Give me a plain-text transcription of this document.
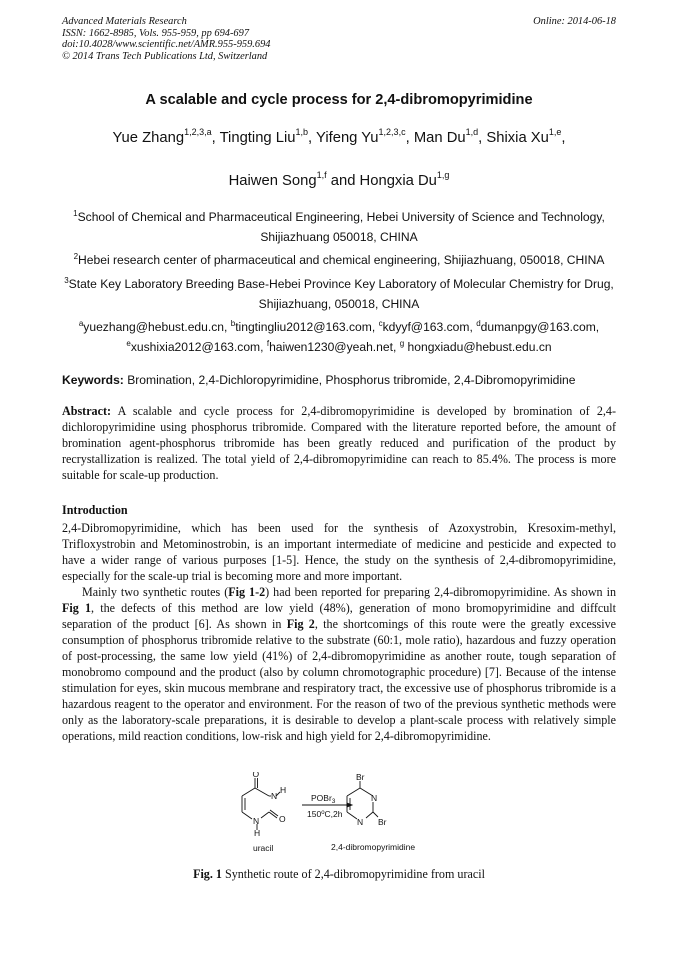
Advanced Materials Research
ISSN: 1662-8985, Vols. 955-959, pp 694-697
doi:10.4028/www.scientific.net/AMR.955-959.694
© 2014 Trans Tech Publications Ltd, Switzerland
Online: 2014-06-18
A scalable and cycle process for 2,4-dibromopyrimidine
Yue Zhang$^{1,2,3,a}$, Tingting Liu$^{1,b}$, Yifeng Yu$^{1,2,3,c}$, Man Du$^{1,d}$, Shixia Xu$^{1,e}$,
Haiwen Song$^{1,f}$ and Hongxia Du$^{1,g}$
$^1$School of Chemical and Pharmaceutical Engineering, Hebei University of Science and Technology, Shijiazhuang 050018, CHINA
$^2$Hebei research center of pharmaceutical and chemical engineering, Shijiazhuang, 050018, CHINA
$^3$State Key Laboratory Breeding Base-Hebei Province Key Laboratory of Molecular Chemistry for Drug, Shijiazhuang, 050018, CHINA
$^a$yuezhang@hebust.edu.cn, $^b$tingtingliu2012@163.com, $^c$kdyyf@163.com, $^d$dumanpgy@163.com,
$^e$xushixia2012@163.com, $^f$haiwen1230@yeah.net, $^g$ hongxiadu@hebust.edu.cn
Keywords: Bromination, 2,4-Dichloropyrimidine, Phosphorus tribromide, 2,4-Dibromopyrimidine
Abstract: A scalable and cycle process for 2,4-dibromopyrimidine is developed by bromination of 2,4-dichloropyrimidine using phosphorus tribromide. Compared with the literature reported before, the amount of bromination agent-phosphorus tribromide has been greatly reduced and purification of the product by recrystallization is realized. The total yield of 2,4-dibromopyrimidine can reach to 85.4%. The process is more suitable for scale-up production.
Introduction

2,4-Dibromopyrimidine, which has been used for the synthesis of Azoxystrobin, Kresoxim-methyl, Trifloxystrobin and Metominostrobin, is an important intermediate of medicine and pesticide and expected to have a wider range of various purposes [1-5]. Hence, the study on the synthesis of 2,4-dibromopyrimidine, especially for the scale-up trial is becoming more and more important.

Mainly two synthetic routes (Fig 1-2) had been reported for preparing 2,4-dibromopyrimidine. As shown in Fig 1, the defects of this method are low yield (48%), generation of mono bromopyrimidine and diffcult separation of the product [6]. As shown in Fig 2, the shortcomings of this route were the greatly excessive consumption of phosphorus tribromide relative to the substrate (60:1, mole ratio), hazardous and fuzzy operation of post-processing, the same low yield (41%) of 2,4-dibromopyrimidine as another route, tough separation of monobromo compound and the product (also by column chromotographic procedure) [7]. Because of the intense stimulation for eyes, skin mucous membrane and respiratory tract, the excessive use of phosphorus tribromide is a hazardous reagent to the operator and environment. For the reason of two of the previous synthetic methods were only as the laboratory-scale preparations, it is desirable to develop a plant-scale process with relatively simple operations, mild reaction conditions, low-risk and high yield for 2,4-dibromopyrimidine.

O
N
H
N O
H
POBr$_3$
150$^o$C,2h
Br
N
N Br
uracil	2,4-dibromopyrimidine
Fig. 1 Synthetic route of 2,4-dibromopyrimidine from uracil
